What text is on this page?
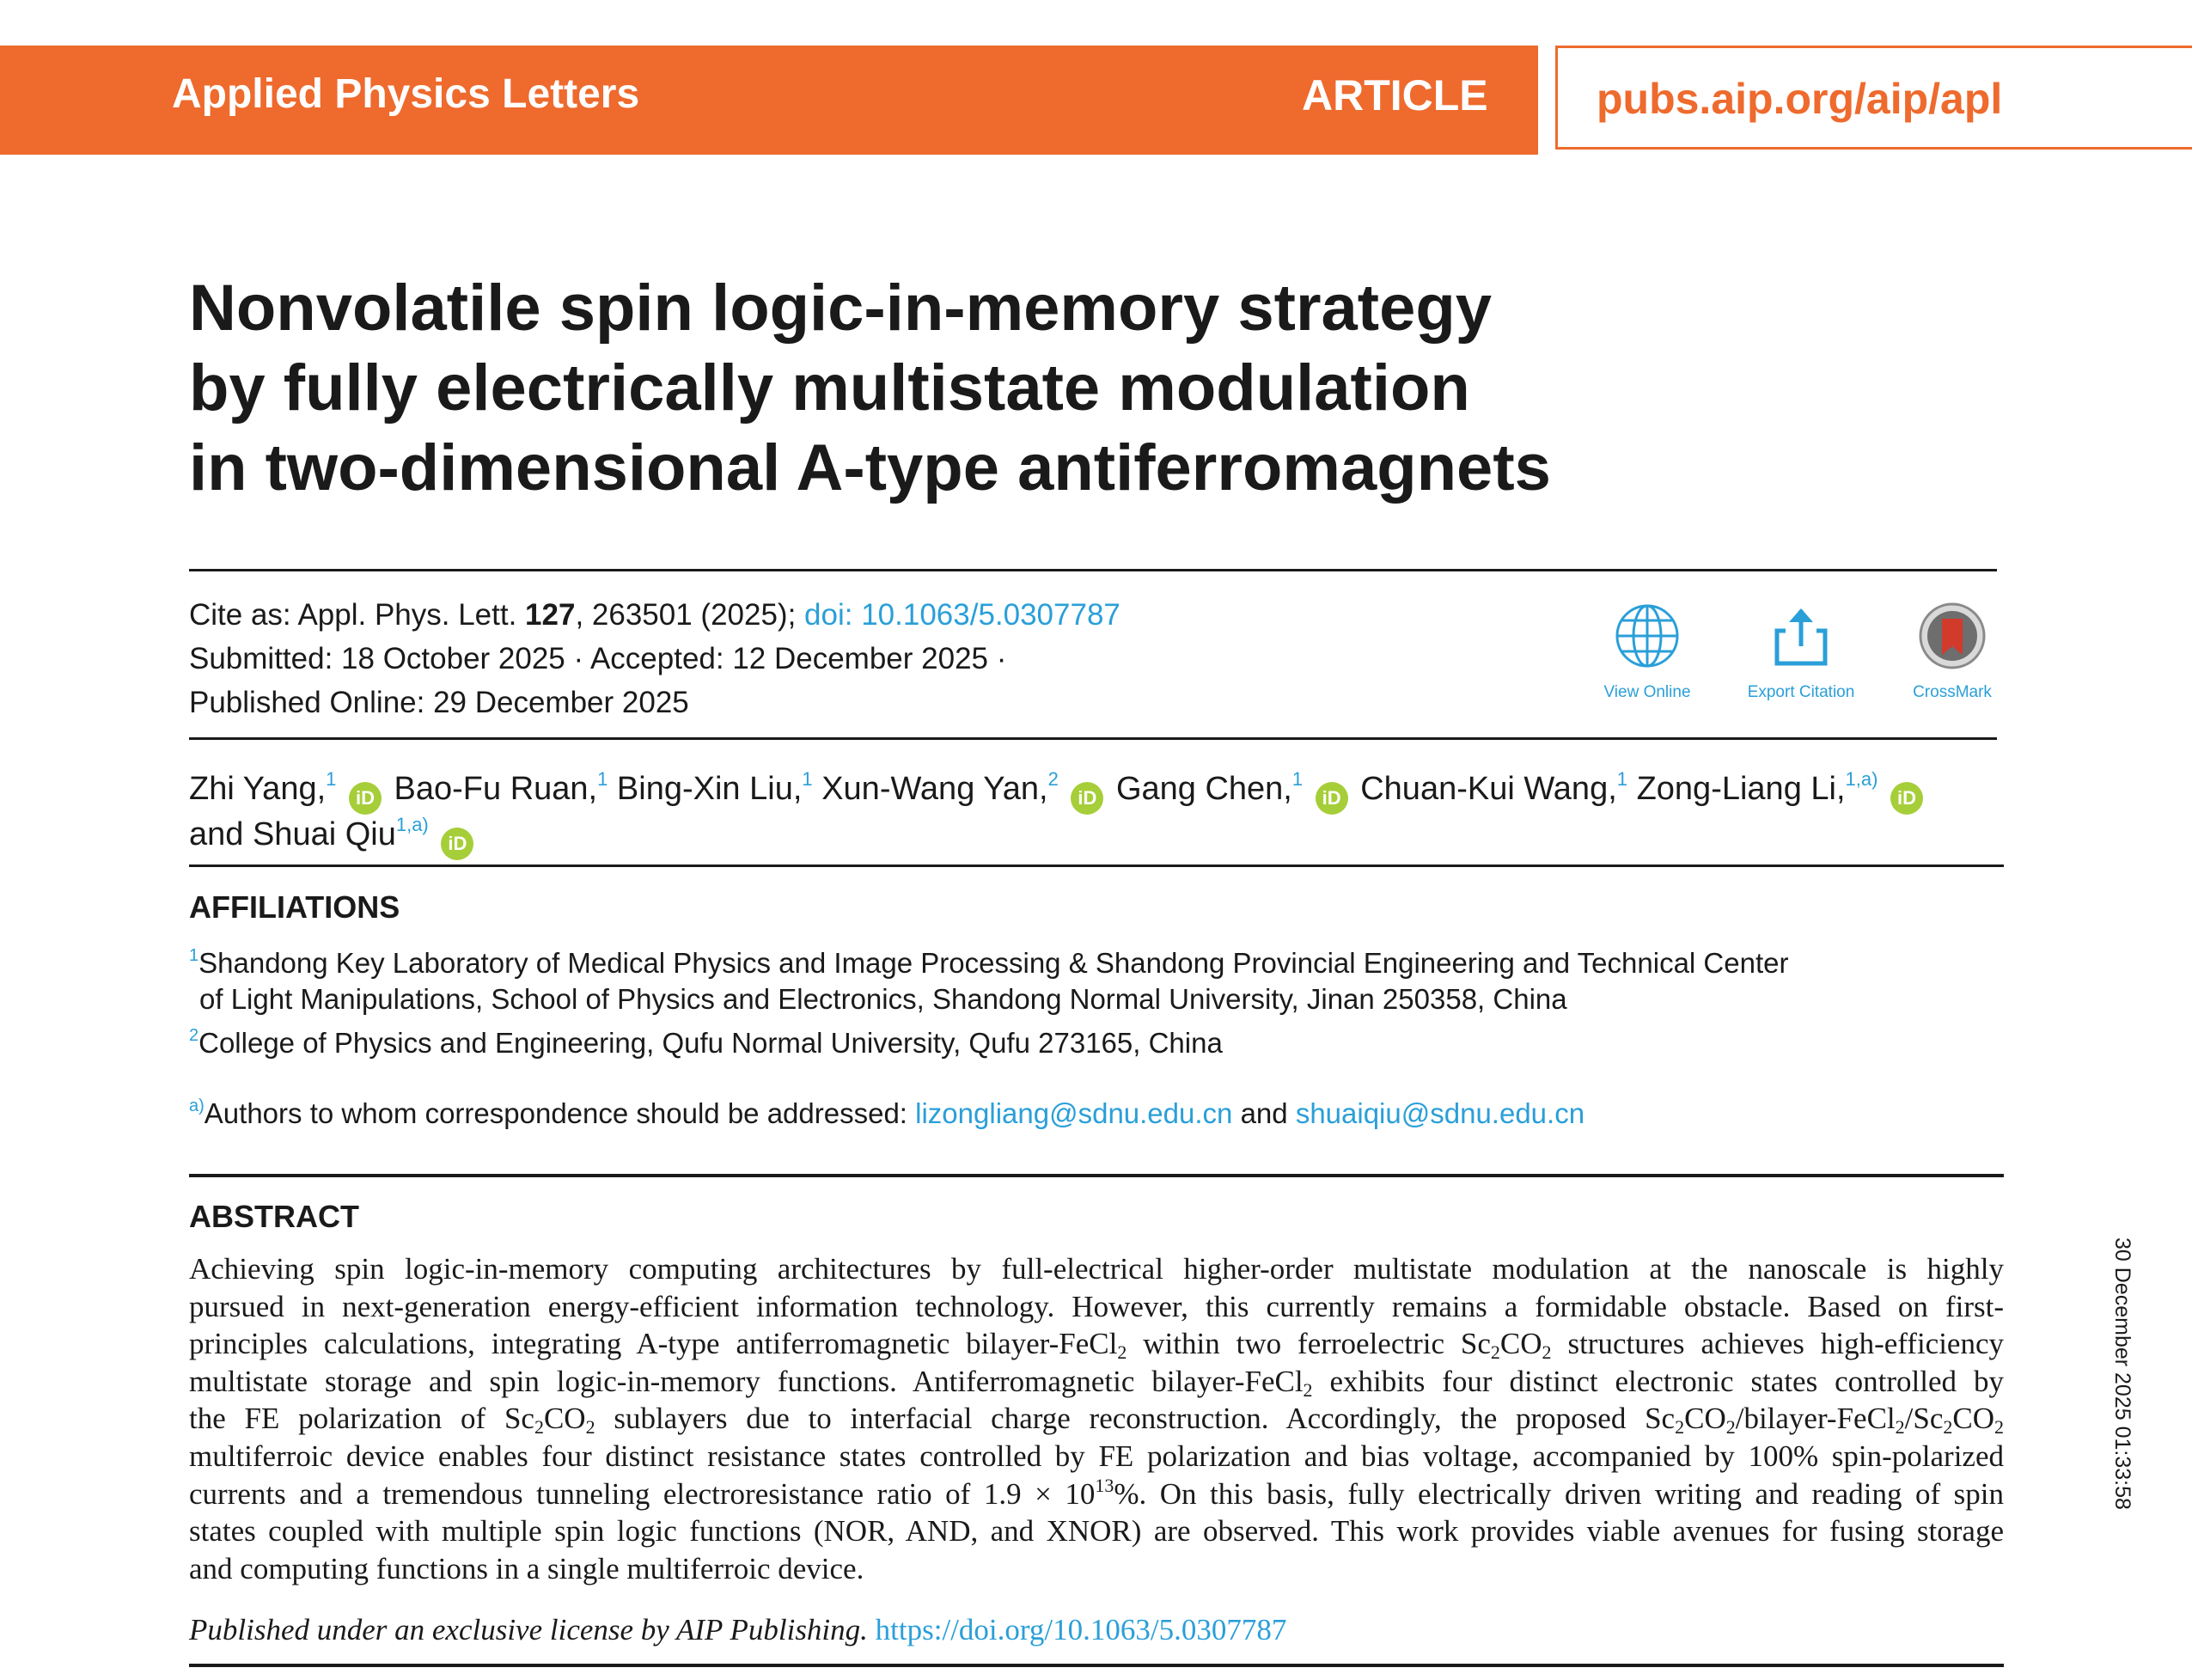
Applied Physics Letters	ARTICLE	pubs.aip.org/aip/apl
Nonvolatile spin logic-in-memory strategy
by fully electrically multistate modulation
in two-dimensional A-type antiferromagnets
Cite as: Appl. Phys. Lett. 127, 263501 (2025); doi: 10.1063/5.0307787
Submitted: 18 October 2025 · Accepted: 12 December 2025 ·
Published Online: 29 December 2025	View Online	Export Citation	CrossMark
Zhi Yang,$^1$ iD Bao-Fu Ruan,$^1$ Bing-Xin Liu,$^1$ Xun-Wang Yan,$^2$ iD Gang Chen,$^1$ iD Chuan-Kui Wang,$^1$ Zong-Liang Li,$^{1,a)}$ iD
and Shuai Qiu$^{1,a)}$ iD
AFFILIATIONS
$^1$Shandong Key Laboratory of Medical Physics and Image Processing & Shandong Provincial Engineering and Technical Center
of Light Manipulations, School of Physics and Electronics, Shandong Normal University, Jinan 250358, China
$^2$College of Physics and Engineering, Qufu Normal University, Qufu 273165, China
$^{a)}$Authors to whom correspondence should be addressed: lizongliang@sdnu.edu.cn and shuaiqiu@sdnu.edu.cn
ABSTRACT
Achieving spin logic-in-memory computing architectures by full-electrical higher-order multistate modulation at the nanoscale is highly
pursued in next-generation energy-efficient information technology. However, this currently remains a formidable obstacle. Based on first-
principles calculations, integrating A-type antiferromagnetic bilayer-FeCl$_2$ within two ferroelectric $Sc_2CO_2$ structures achieves high-efficiency
multistate storage and spin logic-in-memory functions. Antiferromagnetic bilayer-FeCl$_2$ exhibits four distinct electronic states controlled by
the FE polarization of $Sc_2CO_2$ sublayers due to interfacial charge reconstruction. Accordingly, the proposed $Sc_2CO_2/bilayer-FeCl_2/Sc_2CO_2$
multiferroic device enables four distinct resistance states controlled by FE polarization and bias voltage, accompanied by 100% spin-polarized
currents and a tremendous tunneling electroresistance ratio of $1.9 \times 10^{13}\%$. On this basis, fully electrically driven writing and reading of spin
states coupled with multiple spin logic functions (NOR, AND, and XNOR) are observed. This work provides viable avenues for fusing storage
and computing functions in a single multiferroic device.
Published under an exclusive license by AIP Publishing. https://doi.org/10.1063/5.0307787
30 December 2025 01:33:58
